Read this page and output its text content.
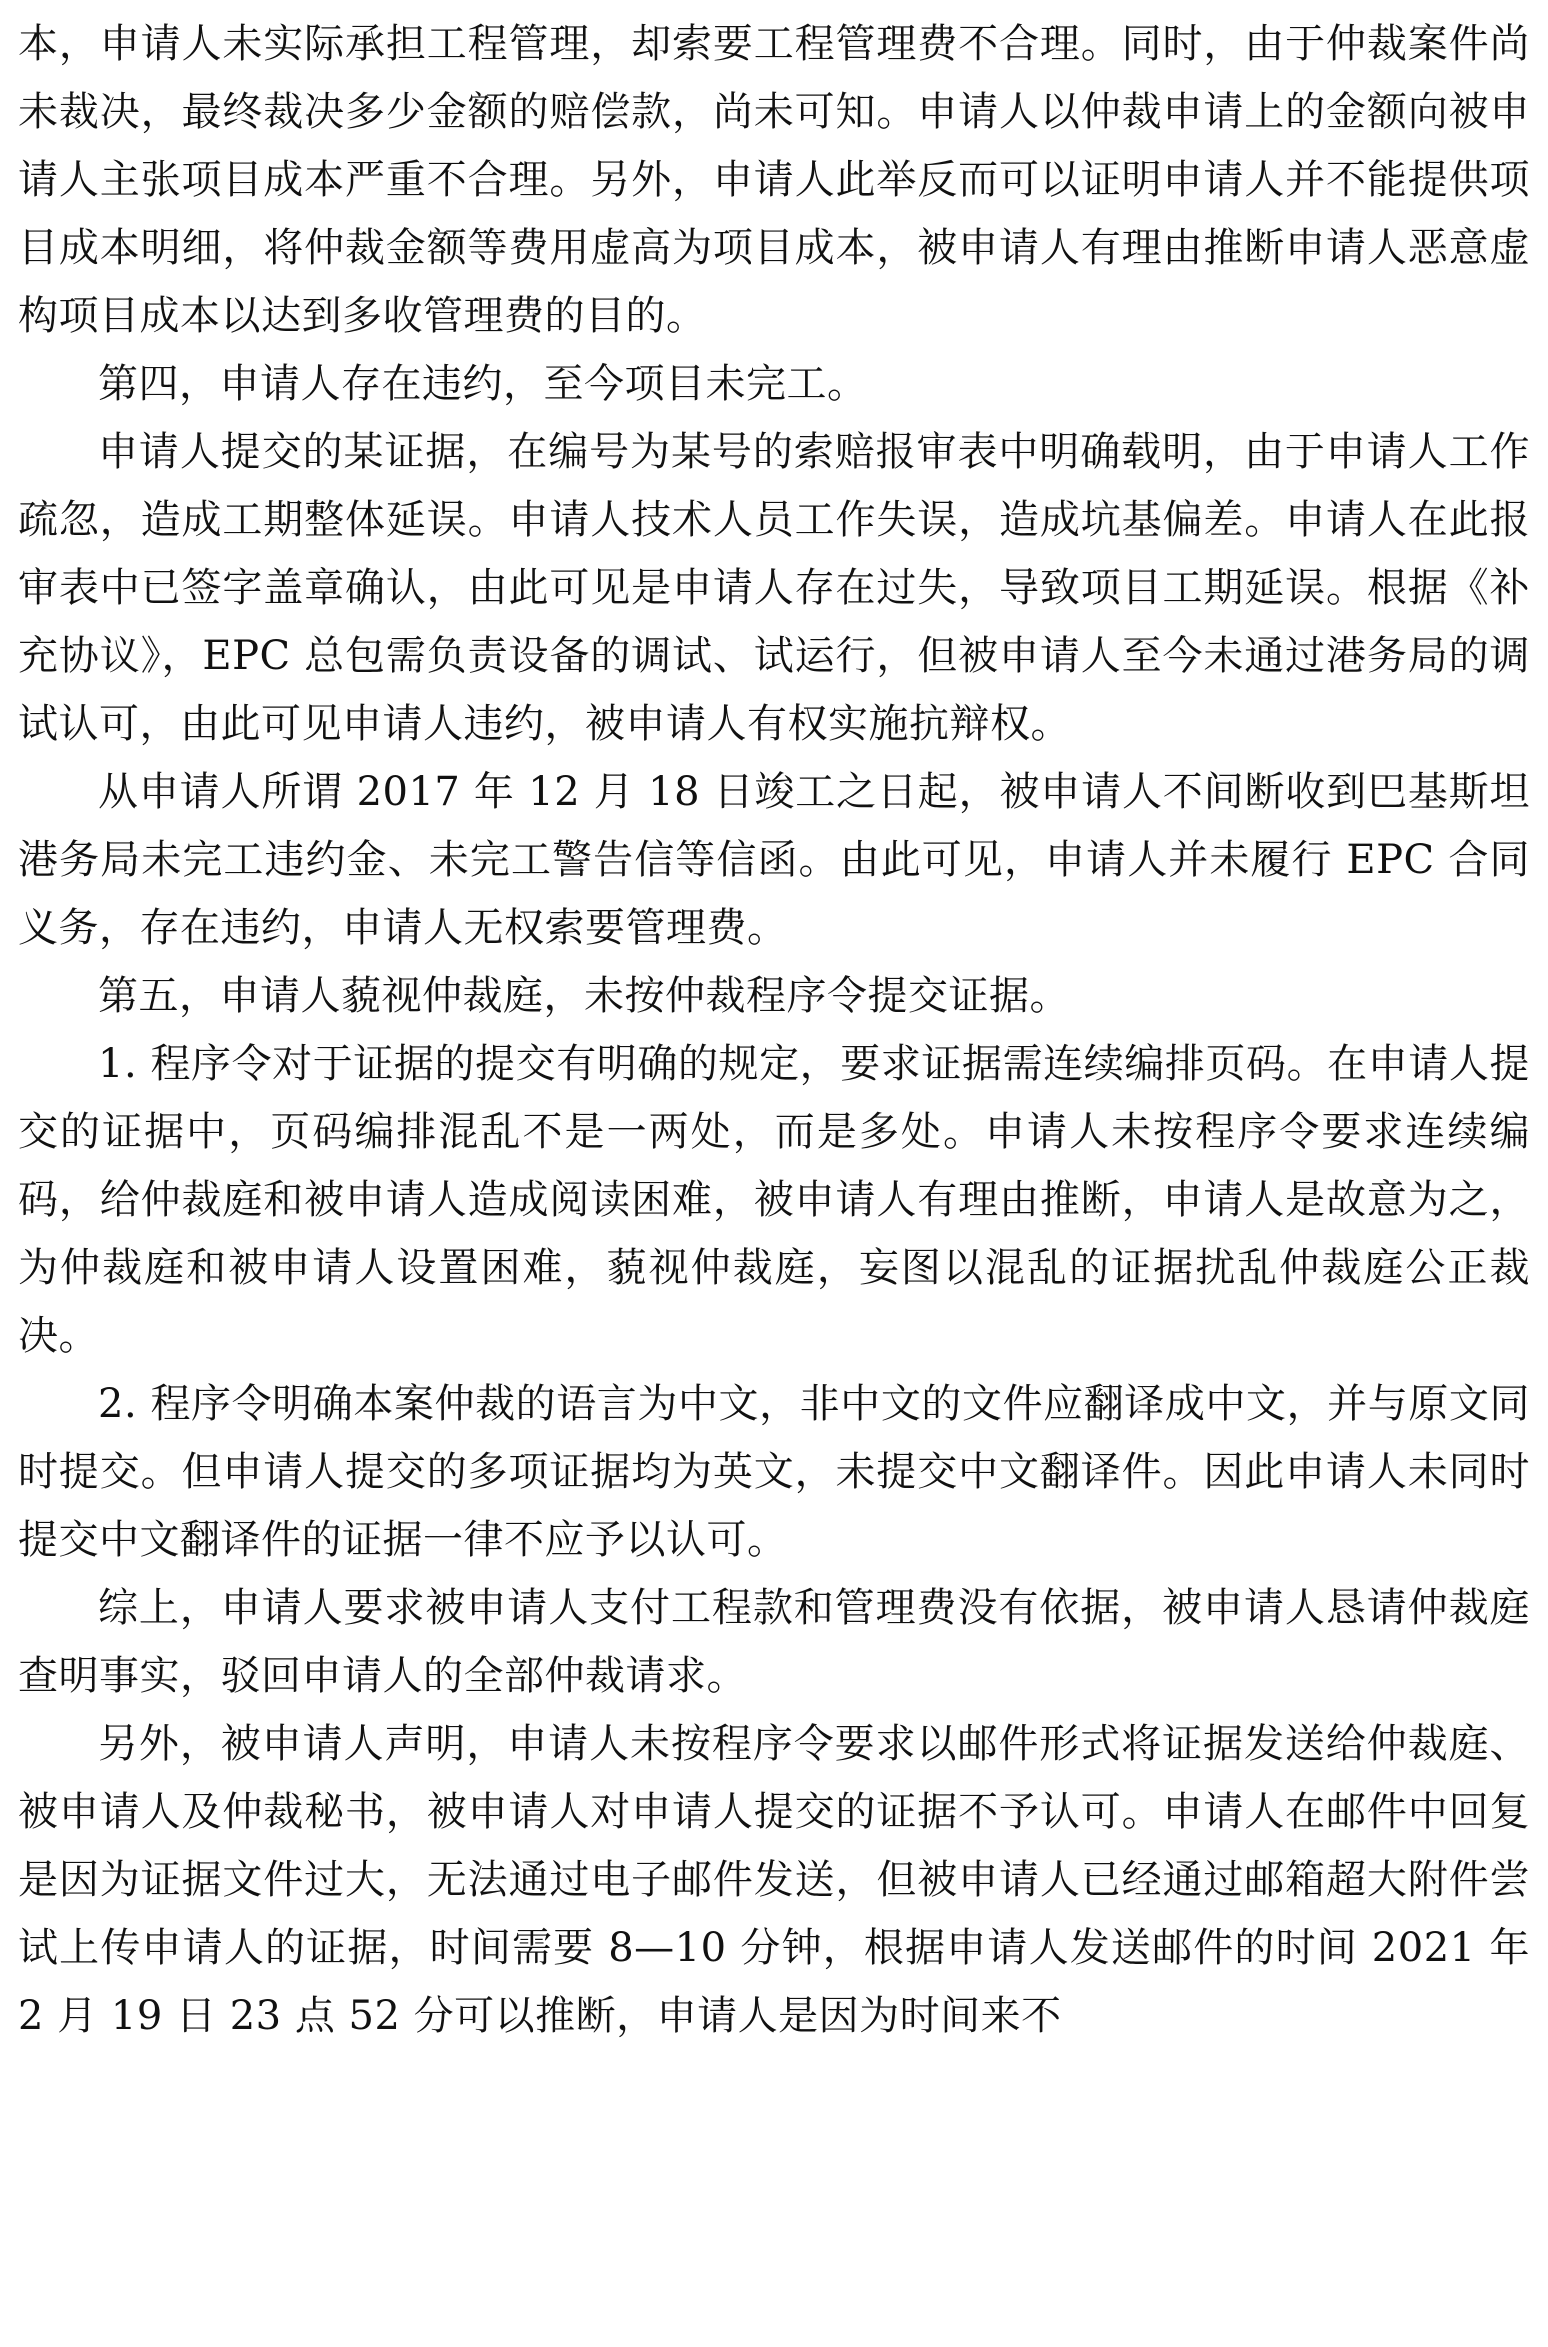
本，申请人未实际承担工程管理，却索要工程管理费不合理。同时，由于仲裁案件尚未裁决，最终裁决多少金额的赔偿款，尚未可知。申请人以仲裁申请上的金额向被申请人主张项目成本严重不合理。另外，申请人此举反而可以证明申请人并不能提供项目成本明细，将仲裁金额等费用虚高为项目成本，被申请人有理由推断申请人恶意虚构项目成本以达到多收管理费的目的。

第四，申请人存在违约，至今项目未完工。

申请人提交的某证据，在编号为某号的索赔报审表中明确载明，由于申请人工作疏忽，造成工期整体延误。申请人技术人员工作失误，造成坑基偏差。申请人在此报审表中已签字盖章确认，由此可见是申请人存在过失，导致项目工期延误。根据《补充协议》，EPC 总包需负责设备的调试、试运行，但被申请人至今未通过港务局的调试认可，由此可见申请人违约，被申请人有权实施抗辩权。

从申请人所谓 2017 年 12 月 18 日竣工之日起，被申请人不间断收到巴基斯坦港务局未完工违约金、未完工警告信等信函。由此可见，申请人并未履行 EPC 合同义务，存在违约，申请人无权索要管理费。

第五，申请人藐视仲裁庭，未按仲裁程序令提交证据。

1. 程序令对于证据的提交有明确的规定，要求证据需连续编排页码。在申请人提交的证据中，页码编排混乱不是一两处，而是多处。申请人未按程序令要求连续编码，给仲裁庭和被申请人造成阅读困难，被申请人有理由推断，申请人是故意为之，为仲裁庭和被申请人设置困难，藐视仲裁庭，妄图以混乱的证据扰乱仲裁庭公正裁决。

2. 程序令明确本案仲裁的语言为中文，非中文的文件应翻译成中文，并与原文同时提交。但申请人提交的多项证据均为英文，未提交中文翻译件。因此申请人未同时提交中文翻译件的证据一律不应予以认可。

综上，申请人要求被申请人支付工程款和管理费没有依据，被申请人恳请仲裁庭查明事实，驳回申请人的全部仲裁请求。

另外，被申请人声明，申请人未按程序令要求以邮件形式将证据发送给仲裁庭、被申请人及仲裁秘书，被申请人对申请人提交的证据不予认可。申请人在邮件中回复是因为证据文件过大，无法通过电子邮件发送，但被申请人已经通过邮箱超大附件尝试上传申请人的证据，时间需要 8—10 分钟，根据申请人发送邮件的时间 2021 年 2 月 19 日 23 点 52 分可以推断，申请人是因为时间来不
